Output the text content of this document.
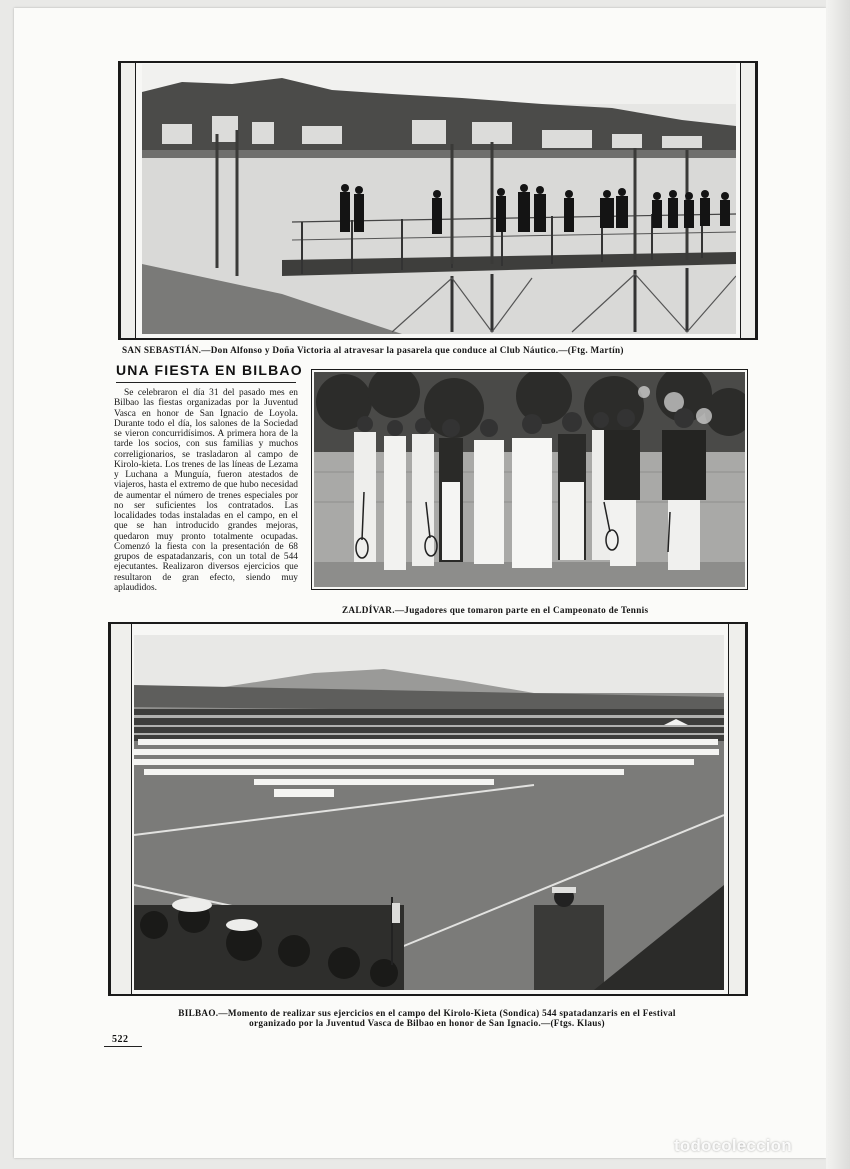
SAN SEBASTIÁN.—Don Alfonso y Doña Victoria al atravesar la pasarela que conduce al Club Náutico.—(Ftg. Martín)
UNA FIESTA EN BILBAO
Se celebraron el día 31 del pasado mes en Bilbao las fiestas organizadas por la Juventud Vasca en honor de San Ignacio de Loyola. Durante todo el día, los salones de la Sociedad se vieron concurridísimos. A primera hora de la tarde los socios, con sus familias y muchos correligionarios, se trasladaron al campo de Kirolo-kieta. Los trenes de las líneas de Lezama y Luchana a Munguía, fueron atestados de viajeros, hasta el extremo de que hubo necesidad de aumentar el número de trenes especiales por no ser suficientes los contratados. Las localidades todas instaladas en el campo, en el que se han introducido grandes mejoras, quedaron muy pronto totalmente ocupadas. Comenzó la fiesta con la presentación de 68 grupos de espatadanzaris, con un total de 544 ejecutantes. Realizaron diversos ejercicios que resultaron de gran efecto, siendo muy aplaudidos.
ZALDÍVAR.—Jugadores que tomaron parte en el Campeonato de Tennis
BILBAO.—Momento de realizar sus ejercicios en el campo del Kirolo-Kieta (Sondica) 544 spatadanzaris en el Festival
organizado por la Juventud Vasca de Bilbao en honor de San Ignacio.—(Ftgs. Klaus)
522
todocoleccion
